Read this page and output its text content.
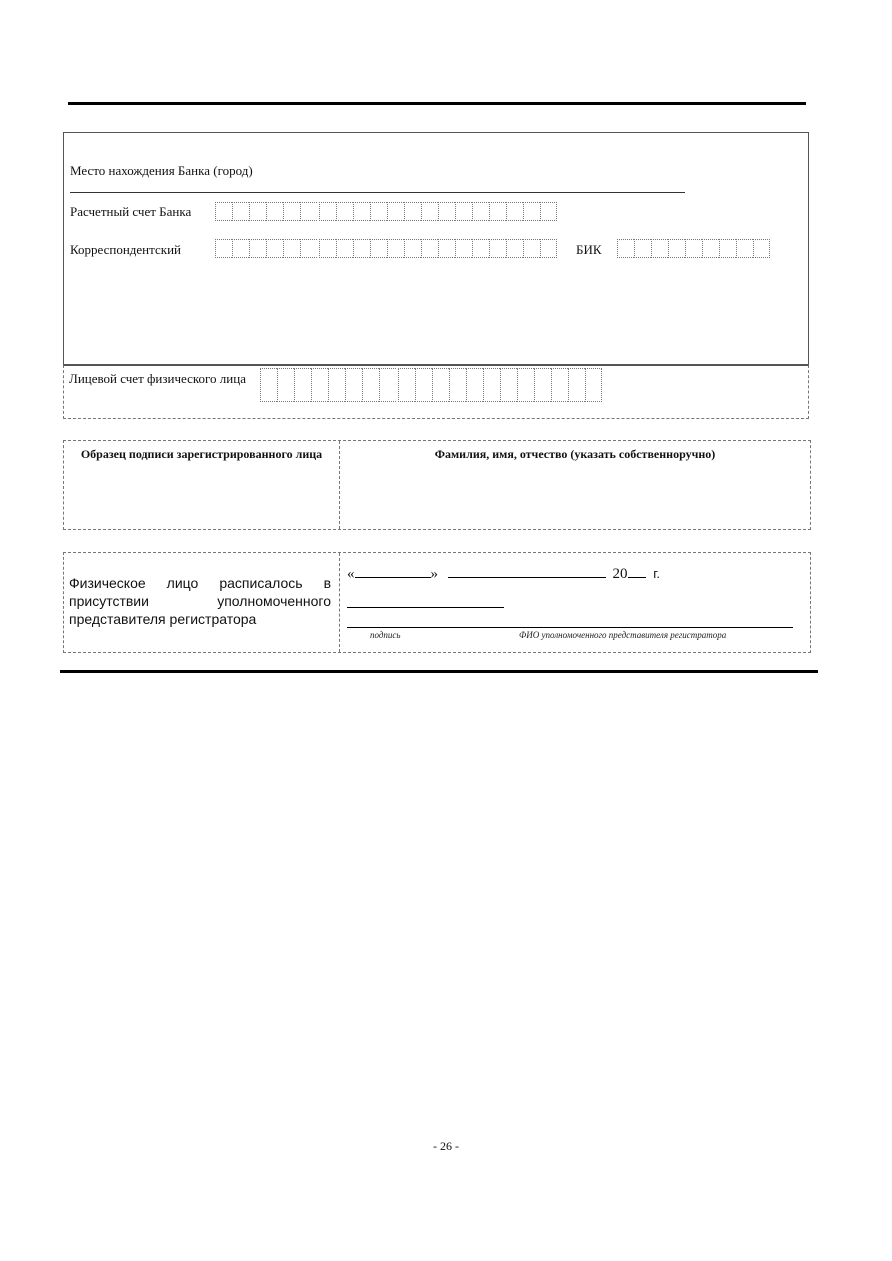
Место нахождения Банка (город)
Расчетный счет Банка
Корреспондентский	БИК
Лицевой счет физического лица
Образец подписи зарегистрированного лица	Фамилия, имя, отчество (указать собственноручно)
Физическое лицо расписалось в присутствии уполномоченного представителя регистратора
«	»	20 г.
подпись	ФИО уполномоченного представителя регистратора
- 26 -
